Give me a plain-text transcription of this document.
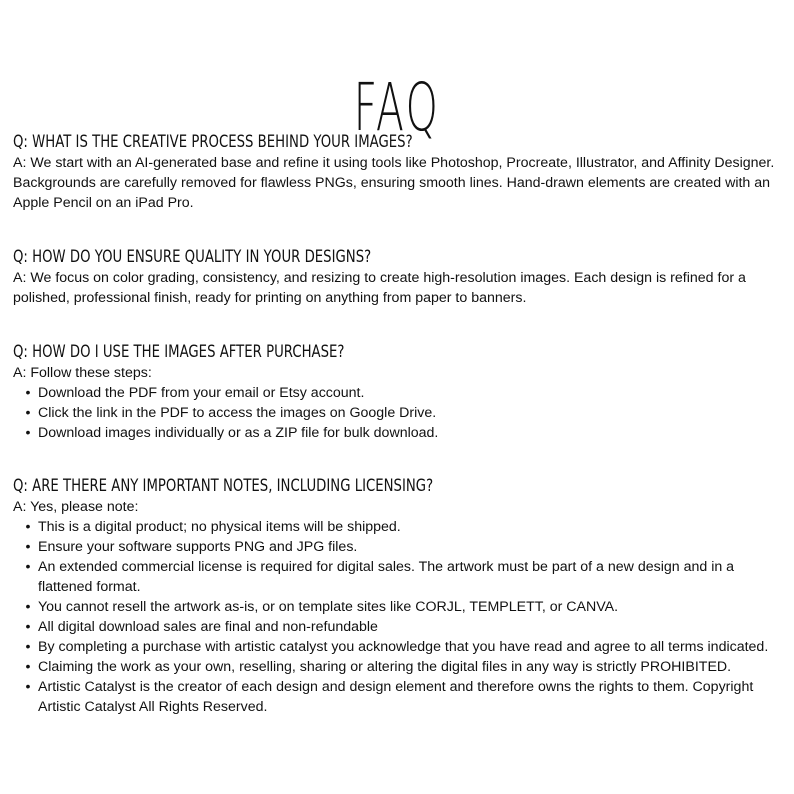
FAQ
Q: WHAT IS THE CREATIVE PROCESS BEHIND YOUR IMAGES?

A: We start with an AI-generated base and refine it using tools like Photoshop, Procreate, Illustrator, and Affinity Designer. Backgrounds are carefully removed for flawless PNGs, ensuring smooth lines. Hand-drawn elements are created with an Apple Pencil on an iPad Pro.

Q: HOW DO YOU ENSURE QUALITY IN YOUR DESIGNS?

A: We focus on color grading, consistency, and resizing to create high-resolution images. Each design is refined for a polished, professional finish, ready for printing on anything from paper to banners.

Q: HOW DO I USE THE IMAGES AFTER PURCHASE?

A: Follow these steps:

• Download the PDF from your email or Etsy account.
• Click the link in the PDF to access the images on Google Drive.
• Download images individually or as a ZIP file for bulk download.
Q: ARE THERE ANY IMPORTANT NOTES, INCLUDING LICENSING?

A: Yes, please note:

• This is a digital product; no physical items will be shipped.
• Ensure your software supports PNG and JPG files.
• An extended commercial license is required for digital sales. The artwork must be part of a new design and in a flattened format.
• You cannot resell the artwork as-is, or on template sites like CORJL, TEMPLETT, or CANVA.
• All digital download sales are final and non-refundable
• By completing a purchase with artistic catalyst you acknowledge that you have read and agree to all terms indicated.
• Claiming the work as your own, reselling, sharing or altering the digital files in any way is strictly PROHIBITED.
• Artistic Catalyst is the creator of each design and design element and therefore owns the rights to them. Copyright Artistic Catalyst All Rights Reserved.
